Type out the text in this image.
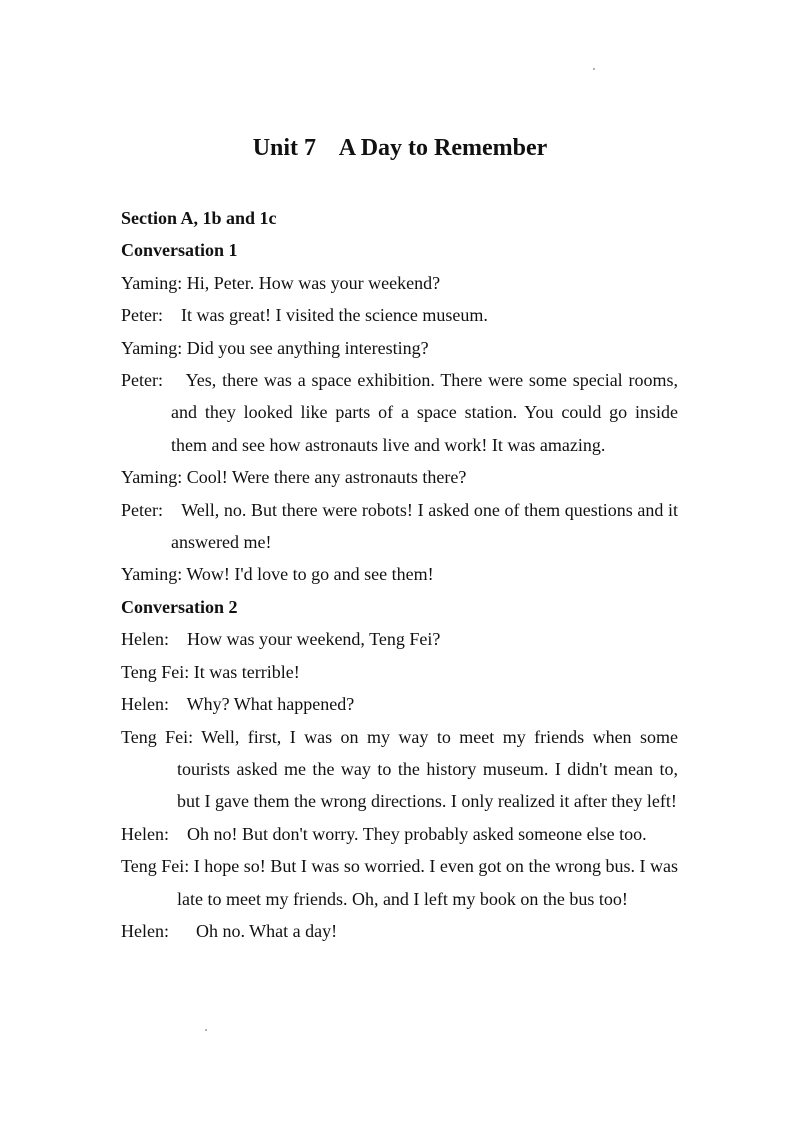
Unit 7    A Day to Remember

Section A, 1b and 1c

Conversation 1

Yaming: Hi, Peter. How was your weekend?

Peter:    It was great! I visited the science museum.

Yaming: Did you see anything interesting?

Peter:    Yes, there was a space exhibition. There were some special rooms, and they looked like parts of a space station. You could go inside them and see how astronauts live and work! It was amazing.

Yaming: Cool! Were there any astronauts there?

Peter:    Well, no. But there were robots! I asked one of them questions and it answered me!

Yaming: Wow! I'd love to go and see them!

Conversation 2

Helen:    How was your weekend, Teng Fei?

Teng Fei: It was terrible!

Helen:    Why? What happened?

Teng Fei: Well, first, I was on my way to meet my friends when some tourists asked me the way to the history museum. I didn't mean to, but I gave them the wrong directions. I only realized it after they left!

Helen:    Oh no! But don't worry. They probably asked someone else too.

Teng Fei: I hope so! But I was so worried. I even got on the wrong bus. I was late to meet my friends. Oh, and I left my book on the bus too!

Helen:      Oh no. What a day!
